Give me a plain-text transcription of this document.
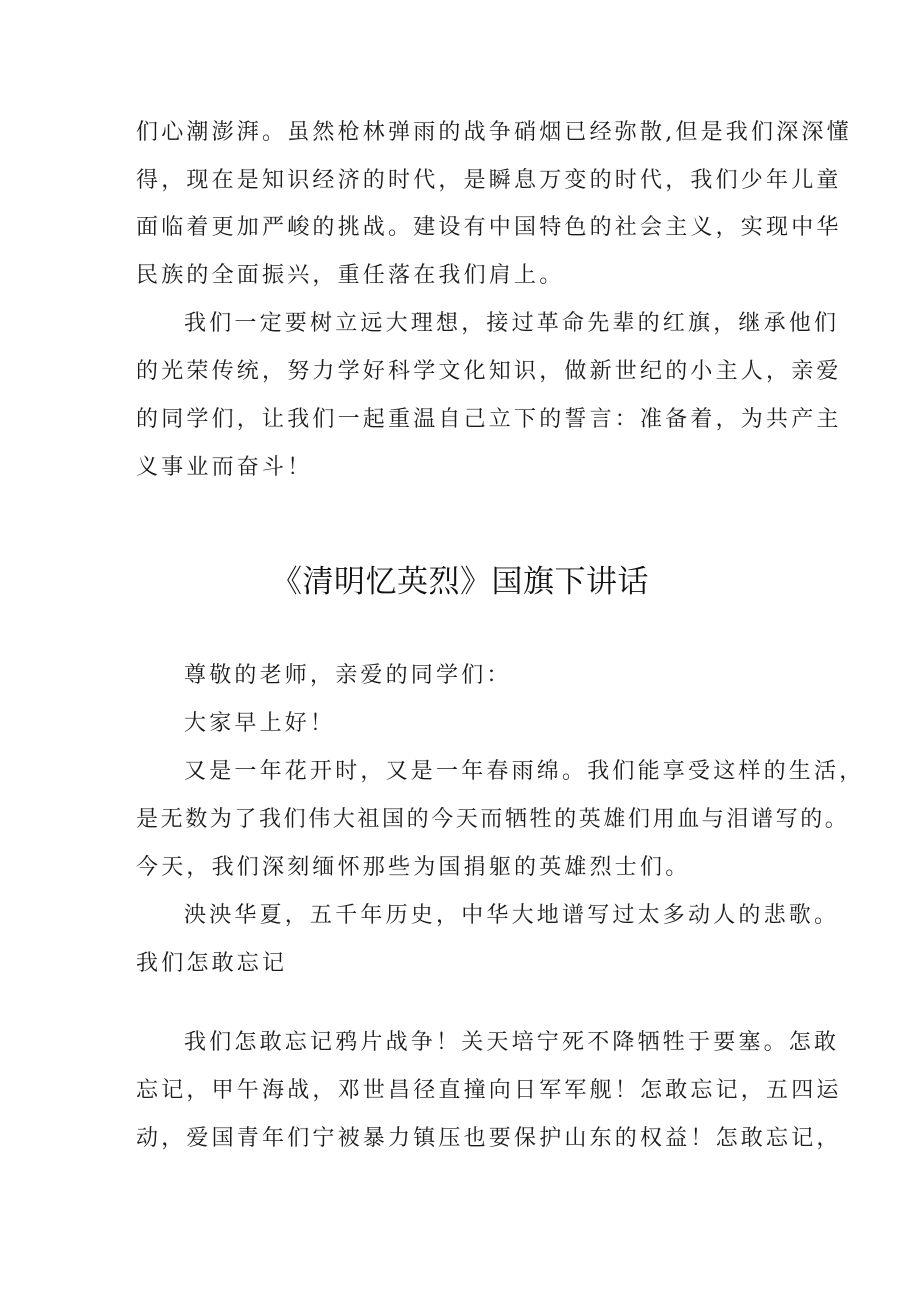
们心潮澎湃。虽然枪林弹雨的战争硝烟已经弥散,但是我们深深懂
得，现在是知识经济的时代，是瞬息万变的时代，我们少年儿童
面临着更加严峻的挑战。建设有中国特色的社会主义，实现中华
民族的全面振兴，重任落在我们肩上。
我们一定要树立远大理想，接过革命先辈的红旗，继承他们
的光荣传统，努力学好科学文化知识，做新世纪的小主人，亲爱
的同学们，让我们一起重温自己立下的誓言：准备着，为共产主
义事业而奋斗！
《清明忆英烈》国旗下讲话
尊敬的老师，亲爱的同学们：
大家早上好！
又是一年花开时，又是一年春雨绵。我们能享受这样的生活，
是无数为了我们伟大祖国的今天而牺牲的英雄们用血与泪谱写的。
今天，我们深刻缅怀那些为国捐躯的英雄烈士们。
泱泱华夏，五千年历史，中华大地谱写过太多动人的悲歌。
我们怎敢忘记
我们怎敢忘记鸦片战争！关天培宁死不降牺牲于要塞。怎敢
忘记，甲午海战，邓世昌径直撞向日军军舰！怎敢忘记，五四运
动，爱国青年们宁被暴力镇压也要保护山东的权益！怎敢忘记，
